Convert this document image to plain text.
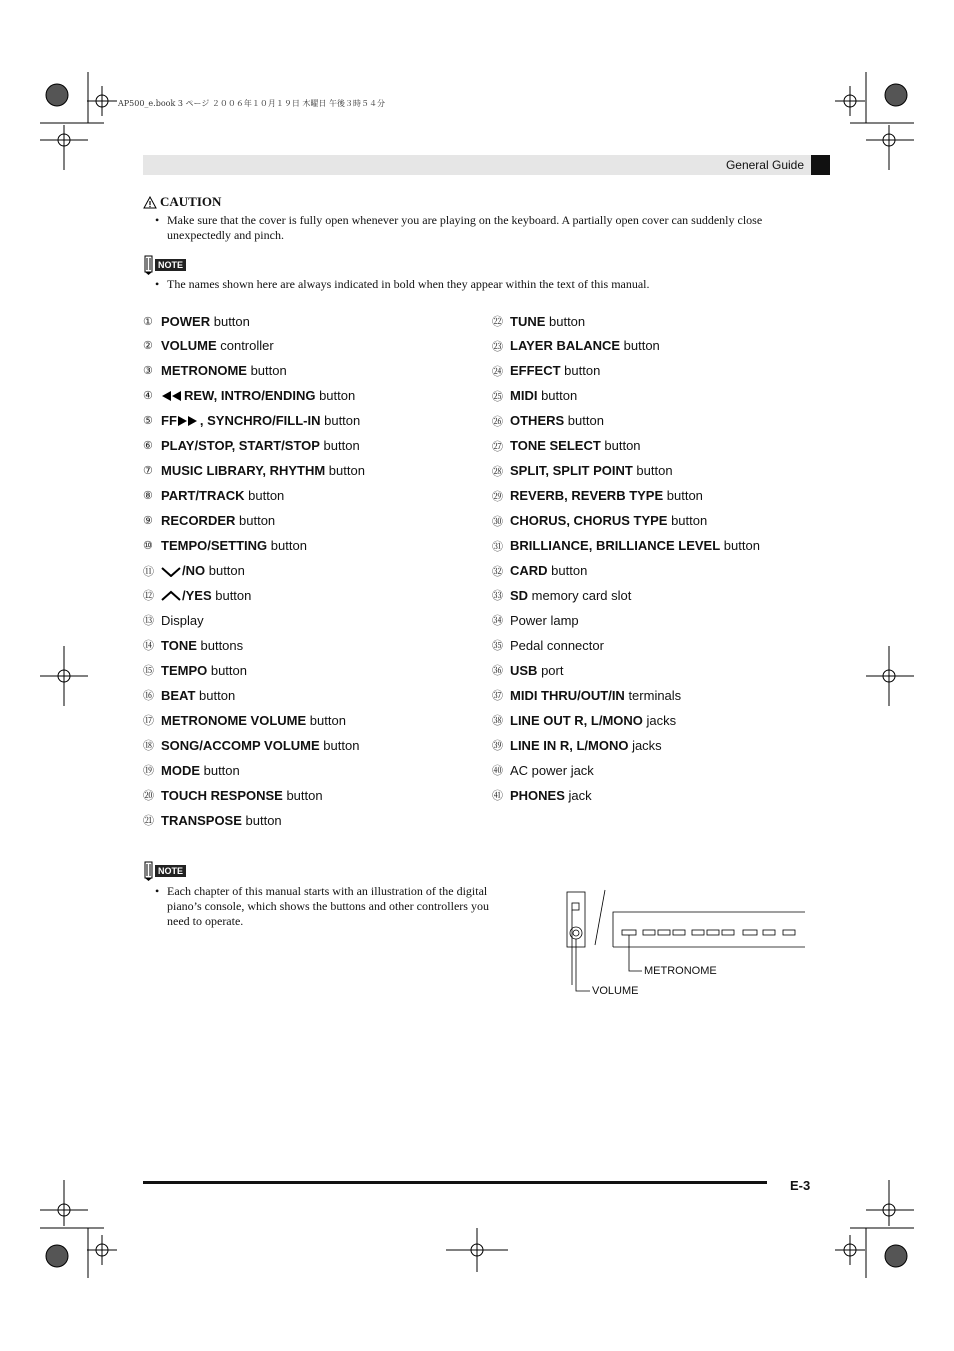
AP500_e.book 3 ページ ２００６年１０月１９日 木曜日 午後３時５４分
General Guide
CAUTION
• Make sure that the cover is fully open whenever you are playing on the keyboard. A partially open cover can suddenly close
unexpectedly and pinch.
NOTE
• The names shown here are always indicated in bold when they appear within the text of this manual.
① POWER button
② VOLUME controller
③ METRONOME button
④	REW, INTRO/ENDING button
⑤ FF , SYNCHRO/FILL-IN button
⑥ PLAY/STOP, START/STOP button
⑦ MUSIC LIBRARY, RHYTHM button
⑧ PART/TRACK button
⑨ RECORDER button
⑩ TEMPO/SETTING button
⑪	/NO button
⑫	/YES button
⑬ Display
⑭ TONE buttons
⑮ TEMPO button
⑯ BEAT button
⑰ METRONOME VOLUME button
⑱ SONG/ACCOMP VOLUME button
⑲ MODE button
⑳ TOUCH RESPONSE button
㉑ TRANSPOSE button
㉒ TUNE button
㉓ LAYER BALANCE button
㉔ EFFECT button
㉕ MIDI button
㉖ OTHERS button
㉗ TONE SELECT button
㉘ SPLIT, SPLIT POINT button
㉙ REVERB, REVERB TYPE button
㉚ CHORUS, CHORUS TYPE button
㉛ BRILLIANCE, BRILLIANCE LEVEL button
㉜ CARD button
㉝ SD memory card slot
㉞ Power lamp
㉟ Pedal connector
㊱ USB port
㊲ MIDI THRU/OUT/IN terminals
㊳ LINE OUT R, L/MONO jacks
㊴ LINE IN R, L/MONO jacks
㊵ AC power jack
㊶ PHONES jack
NOTE
• Each chapter of this manual starts with an illustration of the digital
piano’s console, which shows the buttons and other controllers you
need to operate.
METRONOME
VOLUME
E-3
